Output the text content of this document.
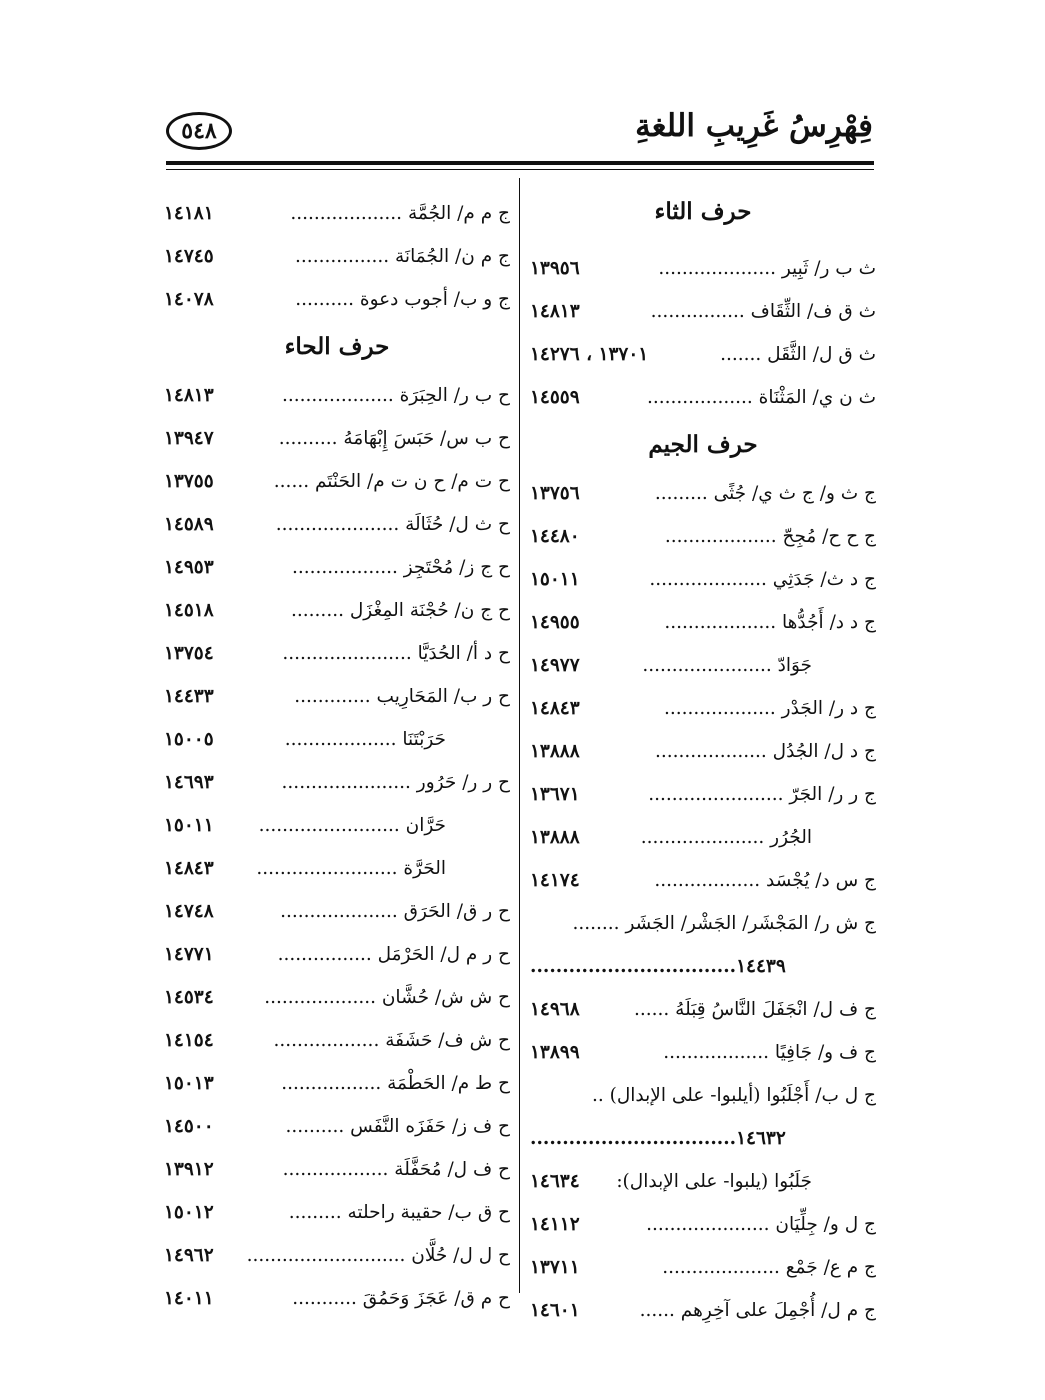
فِهْرِسُ غَرِيبِ اللغةِ
٥٤٨
حرف الثاء
ث ب ر/ ثَبِير ....................
١٣٩٥٦
ث ق ف/ الثِّقَاف ................
١٤٨١٣
ث ق ل/ الثَّقَل .......
١٣٧٠١ ، ١٤٢٧٦
ث ن ي/ المَثْنَاة ..................
١٤٥٥٩
حرف الجيم
ج ث و/ ج ث ي/ جُثًى .........
١٣٧٥٦
ج ح ح/ مُجِحّ ...................
١٤٤٨٠
ج د ث/ جَدَثِي ....................
١٥٠١١
ج د د/ أَجُدُّها ...................
١٤٩٥٥
جَوَادّ ......................
١٤٩٧٧
ج د ر/ الجَدْر ...................
١٤٨٤٣
ج د ل/ الجُدُل ...................
١٣٨٨٨
ج ر ر/ الجَرّ .......................
١٣٦٧١
الجُرُر .....................
١٣٨٨٨
ج س د/ يُجْسَد ..................
١٤١٧٤
ج ش ر/ المَجْشَر/ الجَشْر/ الجَشَر ........
١٤٤٣٩................................
ج ف ل/ انْجَفَلَ النَّاسُ قِبَلَهُ ......
١٤٩٦٨
ج ف و/ جَافِيًا ..................
١٣٨٩٩
ج ل ب/ أَجْلَبُوا (أيلبوا- على الإبدال) ..
١٤٦٣٢................................
جَلَبُوا (يلبوا- على الإبدال):
١٤٦٣٤
ج ل و/ جِلِّيَان .....................
١٤١١٢
ج م ع/ جَمْع ....................
١٣٧١١
ج م ل/ أُجْمِلَ على آخِرِهم ......
١٤٦٠١
ج م م/ الجُمَّة ...................
١٤١٨١
ج م ن/ الجُمَانَة ................
١٤٧٤٥
ج و ب/ أجوب دعوة ..........
١٤٠٧٨
حرف الحاء
ح ب ر/ الحِبَرَة ...................
١٤٨١٣
ح ب س/ حَبَسَ إِبْهَامَهُ ..........
١٣٩٤٧
ح ت م/ ح ن ت م/ الحَنْتَم ......
١٣٧٥٥
ح ث ل/ حُثَالَة .....................
١٤٥٨٩
ح ج ز/ مُحْتَجِز ..................
١٤٩٥٣
ح ج ن/ حُجْنَة المِغْزَل .........
١٤٥١٨
ح د أ/ الحُدَيَّا ......................
١٣٧٥٤
ح ر ب/ المَحَارِيب .............
١٤٤٣٣
حَرَبْتَنَا ...................
١٥٠٠٥
ح ر ر/ حَرُور ......................
١٤٦٩٣
حَرَّان ........................
١٥٠١١
الحَرَّة ........................
١٤٨٤٣
ح ر ق/ الحَرَق ....................
١٤٧٤٨
ح ر م ل/ الحَرْمَل ................
١٤٧٧١
ح ش ش/ حُشَّان ...................
١٤٥٣٤
ح ش ف/ حَشَفَة ..................
١٤١٥٤
ح ط م/ الحَطْمَة .................
١٥٠١٣
ح ف ز/ حَفَزَه النَّفَس ..........
١٤٥٠٠
ح ف ل/ مُحَفَّلَة ..................
١٣٩١٢
ح ق ب/ حقيبة راحلته .........
١٥٠١٢
ح ل ل/ حُلَّان ...........................
١٤٩٦٢
ح م ق/ عَجَزَ وَحَمُقَ ...........
١٤٠١١
